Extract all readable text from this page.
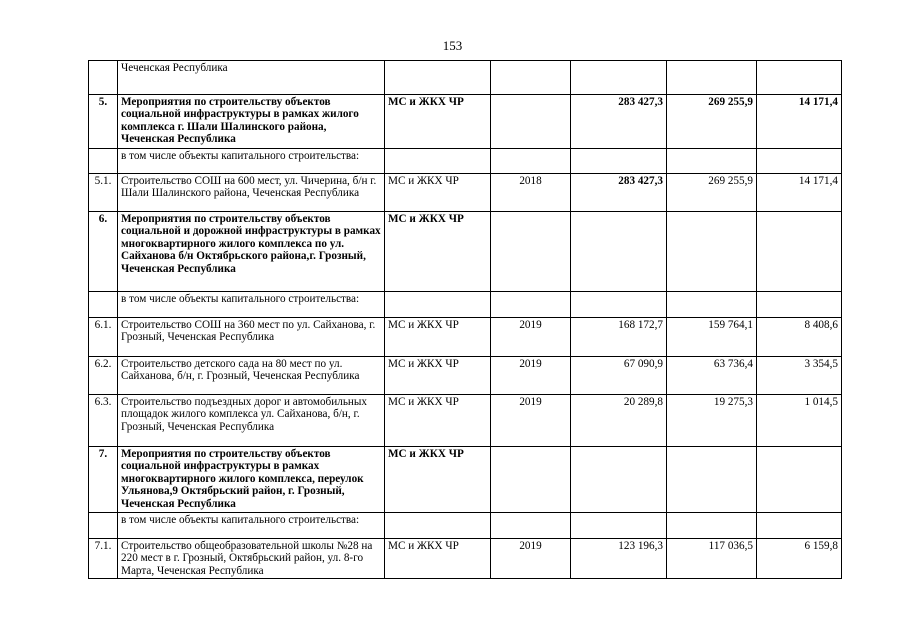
153
	Чеченская Республика					
5.	Мероприятия по строительству объектов социальной инфраструктуры в рамках жилого комплекса г. Шали Шалинского района, Чеченская Республика	МС и ЖКХ ЧР		283 427,3	269 255,9	14 171,4
	в том числе объекты капитального строительства:					
5.1.	Строительство СОШ на 600 мест, ул. Чичерина, б/н г. Шали Шалинского района, Чеченская Республика	МС и ЖКХ ЧР	2018	283 427,3	269 255,9	14 171,4
6.	Мероприятия по строительству объектов социальной и дорожной инфраструктуры в рамках многоквартирного жилого комплекса по ул. Сайханова б/н Октябрьского района,г. Грозный, Чеченская Республика	МС и ЖКХ ЧР				
	в том числе объекты капитального строительства:					
6.1.	Строительство СОШ на 360 мест по ул. Сайханова, г. Грозный, Чеченская Республика	МС и ЖКХ ЧР	2019	168 172,7	159 764,1	8 408,6
6.2.	Строительство детского сада на 80 мест по ул. Сайханова, б/н, г. Грозный, Чеченская Республика	МС и ЖКХ ЧР	2019	67 090,9	63 736,4	3 354,5
6.3.	Строительство подъездных дорог и автомобильных площадок жилого комплекса ул. Сайханова, б/н, г. Грозный, Чеченская Республика	МС и ЖКХ ЧР	2019	20 289,8	19 275,3	1 014,5
7.	Мероприятия по строительству объектов социальной инфраструктуры в рамках многоквартирного жилого комплекса, переулок Ульянова,9 Октябрьский район, г. Грозный, Чеченская Республика	МС и ЖКХ ЧР				
	в том числе объекты капитального строительства:					
7.1.	Строительство общеобразовательной школы №28 на 220 мест в г. Грозный, Октябрьский район, ул. 8-го Марта, Чеченская Республика	МС и ЖКХ ЧР	2019	123 196,3	117 036,5	6 159,8
